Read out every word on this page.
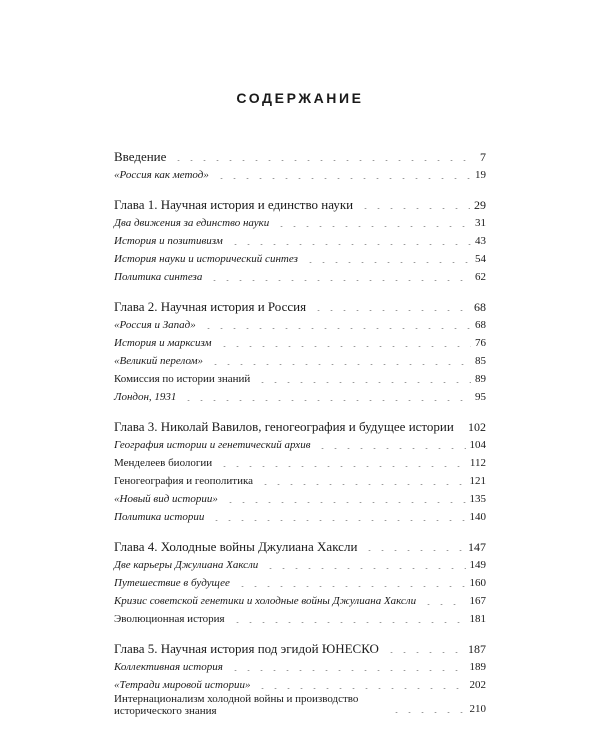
СОДЕРЖАНИЕ
Введение	7
«Россия как метод»	19
Глава 1. Научная история и единство науки	29
Два движения за единство науки	31
История и позитивизм	43
История науки и исторический синтез	54
Политика синтеза	62
Глава 2. Научная история и Россия	68
«Россия и Запад»	68
История и марксизм	76
«Великий перелом»	85
Комиссия по истории знаний	89
Лондон, 1931	95
Глава 3. Николай Вавилов, геногеография и будущее истории 102
География истории и генетический архив	104
Менделеев биологии	112
Геногеография и геополитика	121
«Новый вид истории»	135
Политика истории	140
Глава 4. Холодные войны Джулиана Хаксли	147
Две карьеры Джулиана Хаксли	149
Путешествие в будущее	160
Кризис советской генетики и холодные войны Джулиана Хаксли	167
Эволюционная история	181
Глава 5. Научная история под эгидой ЮНЕСКО	187
Коллективная история	189
«Тетради мировой истории»	202
Интернационализм холодной войны и производство исторического знания	210
